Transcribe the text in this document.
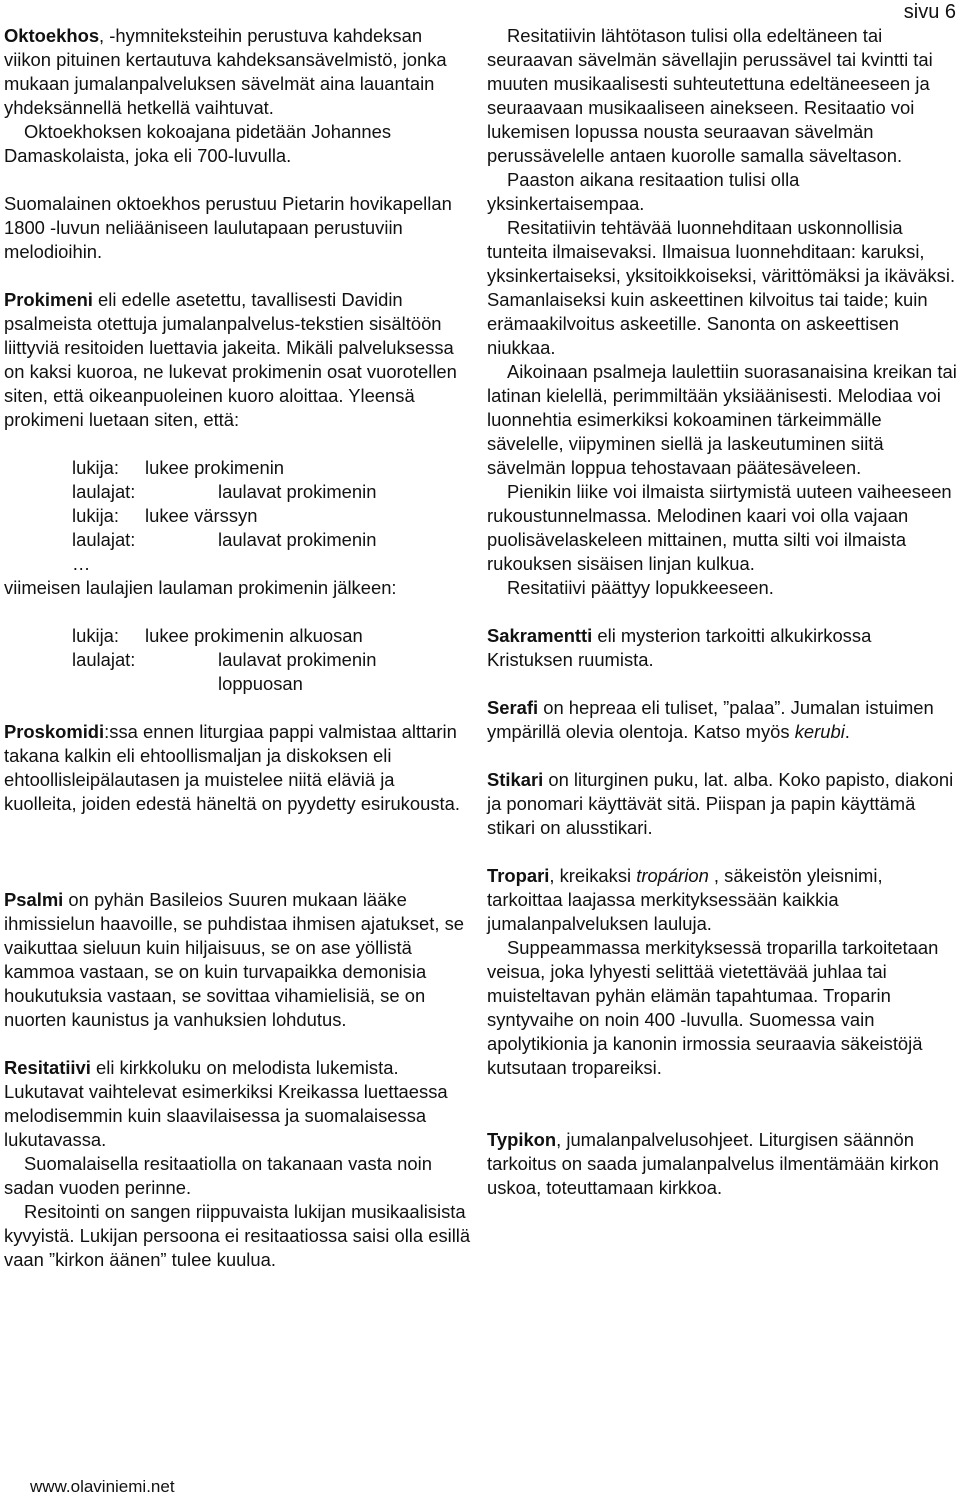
sivu 6

Oktoekhos, -hymniteksteihin perustuva kahdeksan viikon pituinen kertautuva kahdeksansävelmistö, jonka mukaan jumalanpalveluksen sävelmät aina lauantain yhdeksännellä hetkellä vaihtuvat.

Oktoekhoksen kokoajana pidetään Johannes Damaskolaista, joka eli 700-luvulla.

Suomalainen oktoekhos perustuu Pietarin hovikapellan 1800 -luvun neliääniseen laulutapaan perustuviin melodioihin.

Prokimeni eli edelle asetettu, tavallisesti Davidin psalmeista otettuja jumalanpalvelus-tekstien sisältöön liittyviä resitoiden luettavia jakeita. Mikäli palveluksessa on kaksi kuoroa, ne lukevat prokimenin osat vuorotellen siten, että oikeanpuoleinen kuoro aloittaa. Yleensä prokimeni luetaan siten, että:

lukija:	lukee prokimenin
laulajat:	laulavat prokimenin
lukija:	lukee värssyn
laulajat:	laulavat prokimenin
…

viimeisen laulajien laulaman prokimenin jälkeen:

lukija:	lukee prokimenin alkuosan
laulajat:	laulavat prokimenin
loppuosan

Proskomidi:ssa ennen liturgiaa pappi valmistaa alttarin takana kalkin eli ehtoollismaljan ja diskoksen eli ehtoollisleipälautasen ja muistelee niitä eläviä ja kuolleita, joiden edestä häneltä on pyydetty esirukousta.

Psalmi on pyhän Basileios Suuren mukaan lääke ihmissielun haavoille, se puhdistaa ihmisen ajatukset, se vaikuttaa sieluun kuin hiljaisuus, se on ase yöllistä kammoa vastaan, se on kuin turvapaikka demonisia houkutuksia vastaan, se sovittaa vihamielisiä, se on nuorten kaunistus ja vanhuksien lohdutus.

Resitatiivi eli kirkkoluku on melodista lukemista. Lukutavat vaihtelevat esimerkiksi Kreikassa luettaessa melodisemmin kuin slaavilaisessa ja suomalaisessa lukutavassa.

Suomalaisella resitaatiolla on takanaan vasta noin sadan vuoden perinne.

Resitointi on sangen riippuvaista lukijan musikaalisista kyvyistä. Lukijan persoona ei resitaatiossa saisi olla esillä vaan ”kirkon äänen” tulee kuulua.

Resitatiivin lähtötason tulisi olla edeltäneen tai seuraavan sävelmän sävellajin perussävel tai kvintti tai muuten musikaalisesti suhteutettuna edeltäneeseen ja seuraavaan musikaaliseen ainekseen. Resitaatio voi lukemisen lopussa nousta seuraavan sävelmän perussävelelle antaen kuorolle samalla säveltason.

Paaston aikana resitaation tulisi olla yksinkertaisempaa.

Resitatiivin tehtävää luonnehditaan uskonnollisia tunteita ilmaisevaksi. Ilmaisua luonnehditaan: karuksi, yksinkertaiseksi, yksitoikkoiseksi, värittömäksi ja ikäväksi. Samanlaiseksi kuin askeettinen kilvoitus tai taide; kuin erämaakilvoitus askeetille. Sanonta on askeettisen niukkaa.

Aikoinaan psalmeja laulettiin suorasanaisina kreikan tai latinan kielellä, perimmiltään yksiäänisesti. Melodiaa voi luonnehtia esimerkiksi kokoaminen tärkeimmälle sävelelle, viipyminen siellä ja laskeutuminen siitä sävelmän loppua tehostavaan päätesäveleen.

Pienikin liike voi ilmaista siirtymistä uuteen vaiheeseen rukoustunnelmassa. Melodinen kaari voi olla vajaan puolisävelaskeleen mittainen, mutta silti voi ilmaista rukouksen sisäisen linjan kulkua.

Resitatiivi päättyy lopukkeeseen.

Sakramentti eli mysterion tarkoitti alkukirkossa Kristuksen ruumista.

Serafi on hepreaa eli tuliset, ”palaa”. Jumalan istuimen ympärillä olevia olentoja. Katso myös kerubi.

Stikari on liturginen puku, lat. alba. Koko papisto, diakoni ja ponomari käyttävät sitä. Piispan ja papin käyttämä stikari on alusstikari.

Tropari, kreikaksi tropárion , säkeistön yleisnimi, tarkoittaa laajassa merkityksessään kaikkia jumalanpalveluksen lauluja.

Suppeammassa merkityksessä troparilla tarkoitetaan veisua, joka lyhyesti selittää vietettävää juhlaa tai muisteltavan pyhän elämän tapahtumaa. Troparin syntyvaihe on noin 400 -luvulla. Suomessa vain apolytikionia ja kanonin irmossia seuraavia säkeistöjä kutsutaan tropareiksi.

Typikon, jumalanpalvelusohjeet. Liturgisen säännön tarkoitus on saada jumalanpalvelus ilmentämään kirkon uskoa, toteuttamaan kirkkoa.

www.olaviniemi.net
